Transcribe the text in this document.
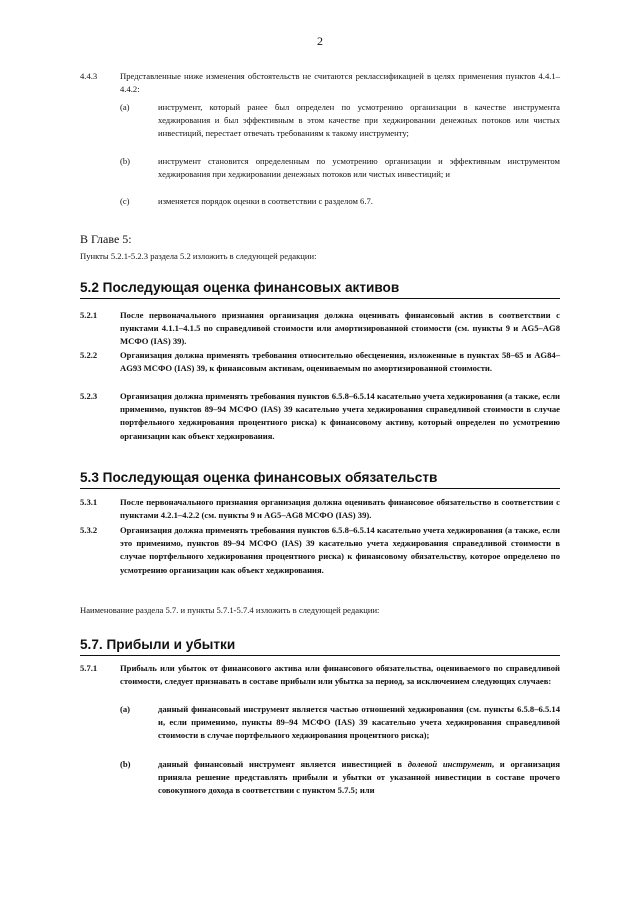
2
4.4.3	Представленные ниже изменения обстоятельств не считаются реклассификацией в целях применения пунктов 4.4.1–4.4.2:
(a)	инструмент, который ранее был определен по усмотрению организации в качестве инструмента хеджирования и был эффективным в этом качестве при хеджировании денежных потоков или чистых инвестиций, перестает отвечать требованиям к такому инструменту;
(b)	инструмент становится определенным по усмотрению организации и эффективным инструментом хеджирования при хеджировании денежных потоков или чистых инвестиций; и
(c)	изменяется порядок оценки в соответствии с разделом 6.7.
В Главе 5:
Пункты 5.2.1-5.2.3 раздела 5.2 изложить в следующей редакции:
5.2 Последующая оценка финансовых активов
5.2.1	После первоначального признания организация должна оценивать финансовый актив в соответствии с пунктами 4.1.1–4.1.5 по справедливой стоимости или амортизированной стоимости (см. пункты 9 и AG5–AG8 МСФО (IAS) 39).
5.2.2	Организация должна применять требования относительно обесценения, изложенные в пунктах 58–65 и AG84–AG93 МСФО (IAS) 39, к финансовым активам, оцениваемым по амортизированной стоимости.
5.2.3	Организация должна применять требования пунктов 6.5.8–6.5.14 касательно учета хеджирования (а также, если применимо, пунктов 89–94 МСФО (IAS) 39 касательно учета хеджирования справедливой стоимости в случае портфельного хеджирования процентного риска) к финансовому активу, который определен по усмотрению организации как объект хеджирования.
5.3 Последующая оценка финансовых обязательств
5.3.1	После первоначального признания организация должна оценивать финансовое обязательство в соответствии с пунктами 4.2.1–4.2.2 (см. пункты 9 и AG5–AG8 МСФО (IAS) 39).
5.3.2	Организация должна применять требования пунктов 6.5.8–6.5.14 касательно учета хеджирования (а также, если это применимо, пунктов 89–94 МСФО (IAS) 39 касательно учета хеджирования справедливой стоимости в случае портфельного хеджирования процентного риска) к финансовому обязательству, которое определено по усмотрению организации как объект хеджирования.
Наименование раздела 5.7. и пункты 5.7.1-5.7.4 изложить в следующей редакции:
5.7. Прибыли и убытки
5.7.1	Прибыль или убыток от финансового актива или финансового обязательства, оцениваемого по справедливой стоимости, следует признавать в составе прибыли или убытка за период, за исключением следующих случаев:
(a)	данный финансовый инструмент является частью отношений хеджирования (см. пункты 6.5.8–6.5.14 и, если применимо, пункты 89–94 МСФО (IAS) 39 касательно учета хеджирования справедливой стоимости в случае портфельного хеджирования процентного риска);
(b)	данный финансовый инструмент является инвестицией в долевой инструмент, и организация приняла решение представлять прибыли и убытки от указанной инвестиции в составе прочего совокупного дохода в соответствии с пунктом 5.7.5; или
